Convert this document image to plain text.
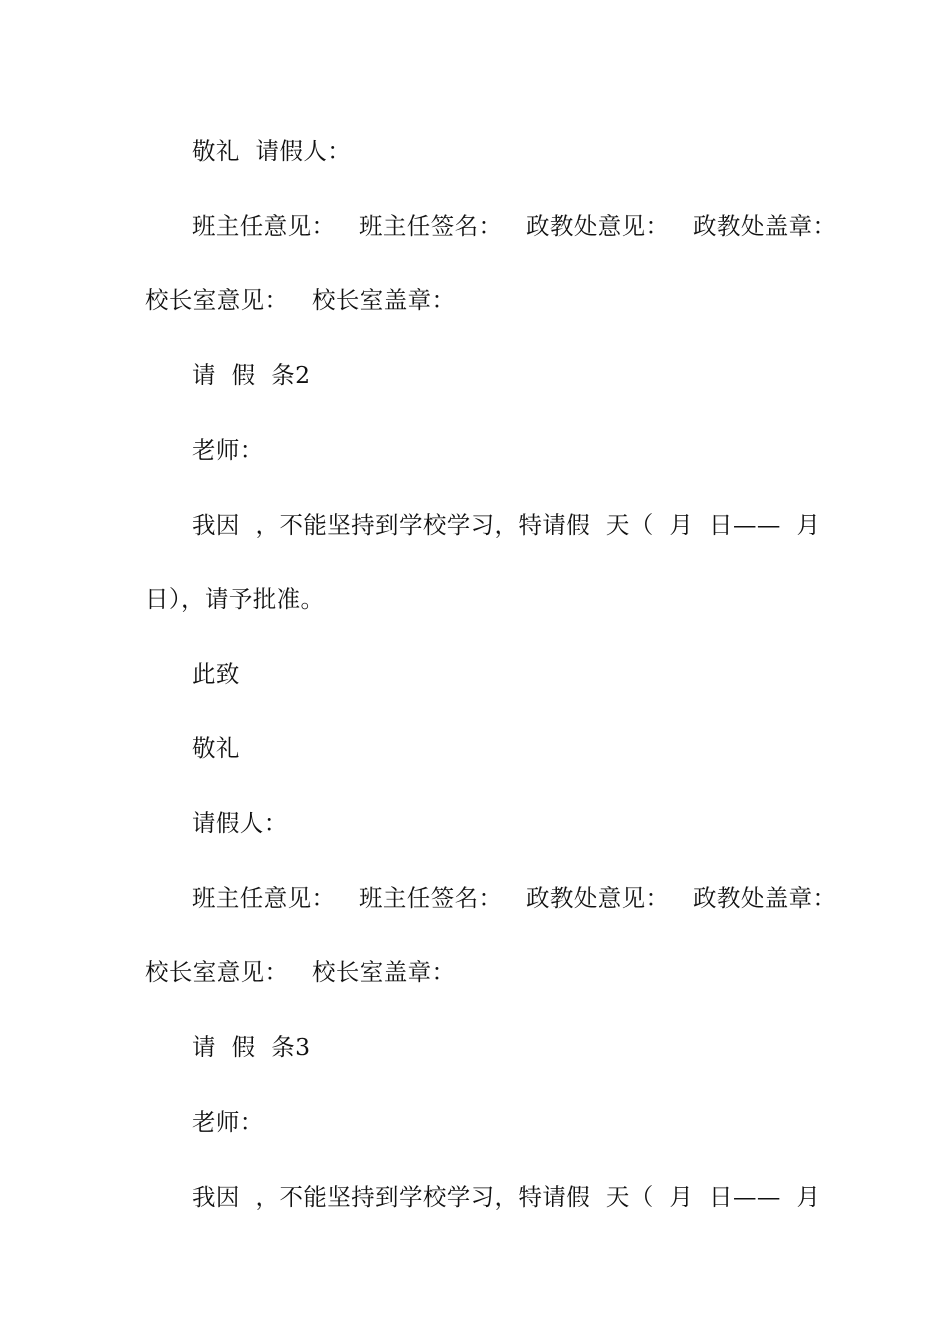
敬礼  请假人：
班主任意见：   班主任签名：   政教处意见：   政教处盖章：
校长室意见：   校长室盖章：
请  假  条2
老师：
我因  ，不能坚持到学校学习，特请假  天（  月  日——  月
日），请予批准。
此致
敬礼
请假人：
班主任意见：   班主任签名：   政教处意见：   政教处盖章：
校长室意见：   校长室盖章：
请  假  条3
老师：
我因  ，不能坚持到学校学习，特请假  天（  月  日——  月
